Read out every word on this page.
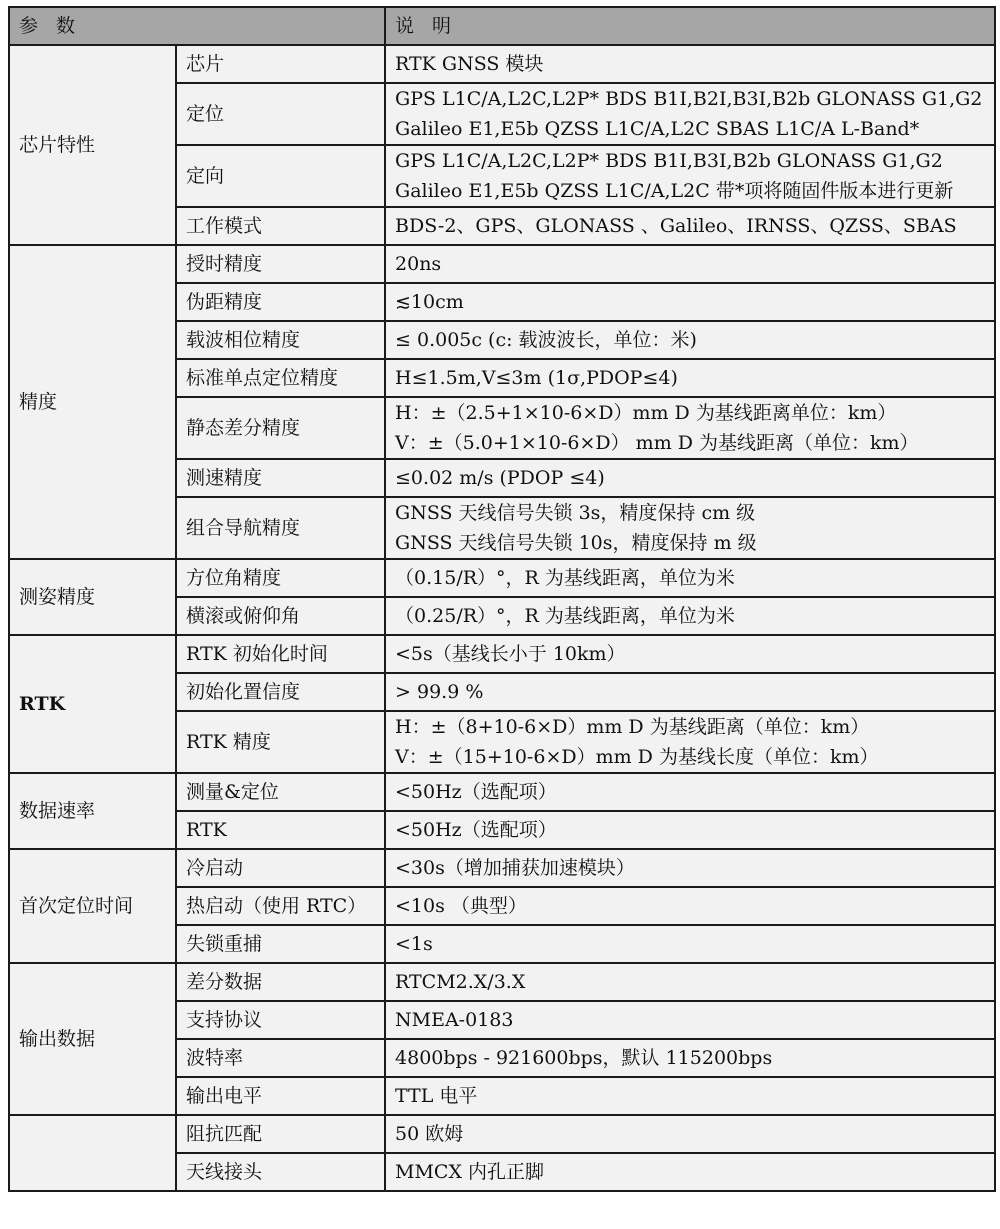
参 数		说 明
芯片特性	芯片	RTK GNSS 模块

	定位	GPS L1C/A,L2C,L2P* BDS B1I,B2I,B3I,B2b GLONASS G1,G2
Galileo E1,E5b QZSS L1C/A,L2C SBAS L1C/A L-Band*

	定向	GPS L1C/A,L2C,L2P* BDS B1I,B3I,B2b GLONASS G1,G2
Galileo E1,E5b QZSS L1C/A,L2C 带*项将随固件版本进行更新

	工作模式	BDS-2、GPS、GLONASS 、Galileo、IRNSS、QZSS、SBAS

精度	授时精度	20ns

	伪距精度	≲10cm

	载波相位精度	≤ 0.005c (c: 载波波长，单位：米)

	标准单点定位精度	H≤1.5m,V≤3m (1σ,PDOP≤4)

	静态差分精度	H：±（2.5+1×10-6×D）mm D 为基线距离单位：km）
V：±（5.0+1×10-6×D） mm D 为基线距离（单位：km）

	测速精度	≤0.02 m/s (PDOP ≤4)

	组合导航精度	GNSS 天线信号失锁 3s，精度保持 cm 级
GNSS 天线信号失锁 10s，精度保持 m 级

测姿精度	方位角精度	（0.15/R）°，R 为基线距离，单位为米

	横滚或俯仰角	（0.25/R）°，R 为基线距离，单位为米

RTK	RTK 初始化时间	<5s（基线长小于 10km）

	初始化置信度	> 99.9 %

	RTK 精度	H：±（8+10-6×D）mm D 为基线距离（单位：km）
V：±（15+10-6×D）mm D 为基线长度（单位：km）

数据速率	测量&定位	<50Hz（选配项）

	RTK	<50Hz（选配项）

首次定位时间	冷启动	<30s（增加捕获加速模块）

	热启动（使用 RTC）	<10s （典型）

	失锁重捕	<1s

输出数据	差分数据	RTCM2.X/3.X

	支持协议	NMEA-0183

	波特率	4800bps - 921600bps，默认 115200bps

	输出电平	TTL 电平

	阻抗匹配	50 欧姆

	天线接头	MMCX 内孔正脚
